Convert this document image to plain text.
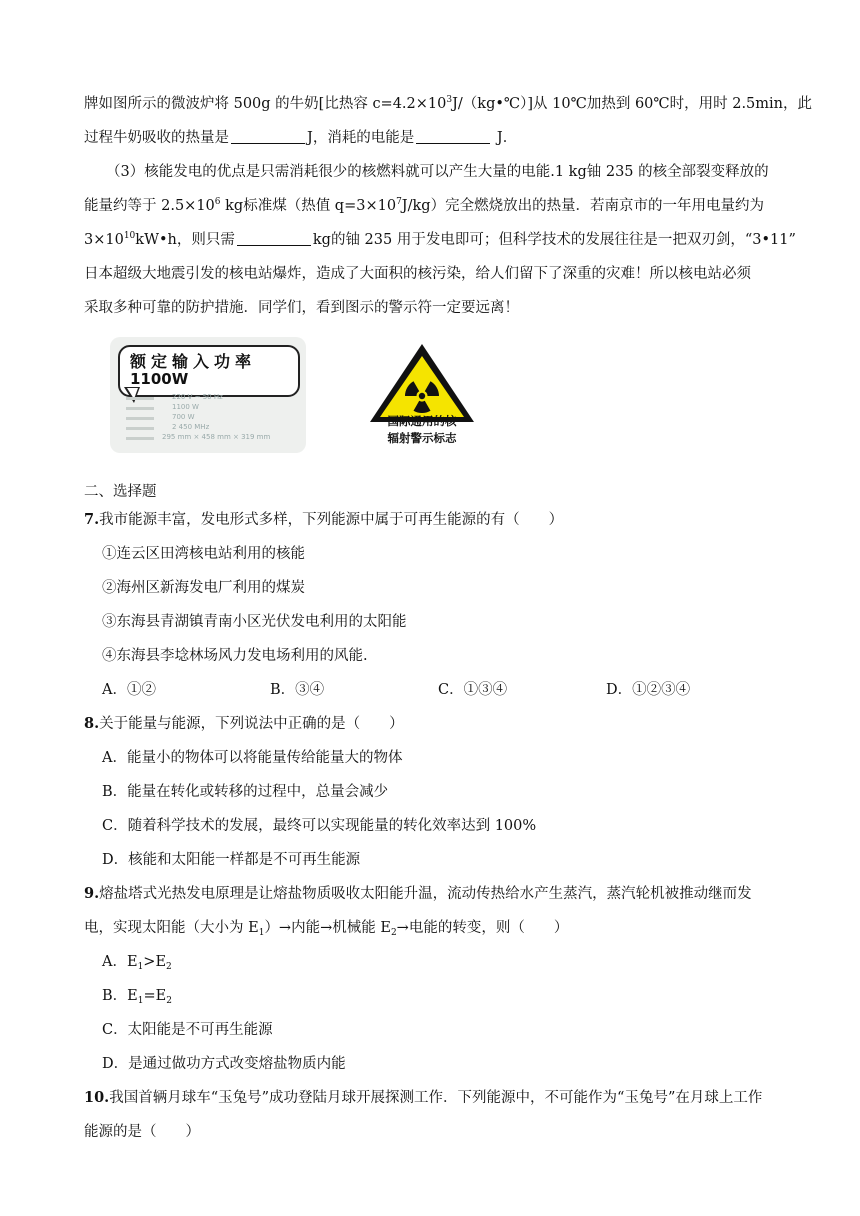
牌如图所示的微波炉将 500g 的牛奶[比热容 $c=4.2\times 10^3J/(kg•℃)$]从 10℃加热到 60℃时，用时 2.5min，此
过程牛奶吸收的热量是	J，消耗的电能是	J．
（3）核能发电的优点是只需消耗很少的核燃料就可以产生大量的电能.1 kg铀 235 的核全部裂变释放的
能量约等于 $2.5\times 10^6$ kg标准煤（热值 $q=3\times 10^7J/kg$）完全燃烧放出的热量．若南京市的一年用电量约为
$3\times 10^{10}kW•h$，则只需	kg的铀 235 用于发电即可；但科学技术的发展往往是一把双刃剑，“3•11”
日本超级大地震引发的核电站爆炸，造成了大面积的核污染，给人们留下了深重的灾难！所以核电站必须
采取多种可靠的防护措施．同学们，看到图示的警示符一定要远离！
额定输入功率
1100W
220 V ~ 50 Hz
1100 W
700 W
2 450 MHz
295 mm × 458 mm × 319 mm
国际通用的核
辐射警示标志
二、选择题
7.我市能源丰富，发电形式多样，下列能源中属于可再生能源的有（　　）
①连云区田湾核电站利用的核能
②海州区新海发电厂利用的煤炭
③东海县青湖镇青南小区光伏发电利用的太阳能
④东海县李埝林场风力发电场利用的风能.
A．①②	B．③④	C．①③④	D．①②③④
8.关于能量与能源，下列说法中正确的是（　　）
A．能量小的物体可以将能量传给能量大的物体
B．能量在转化或转移的过程中，总量会减少
C．随着科学技术的发展，最终可以实现能量的转化效率达到 100%
D．核能和太阳能一样都是不可再生能源
9.熔盐塔式光热发电原理是让熔盐物质吸收太阳能升温，流动传热给水产生蒸汽，蒸汽轮机被推动继而发
电，实现太阳能（大小为 $E_1)\to$内能→机械能 $E_2\to$电能的转变，则（　　）
A．$E_1>E_2$
B．$E_1=E_2$
C．太阳能是不可再生能源
D．是通过做功方式改变熔盐物质内能
10.我国首辆月球车“玉兔号”成功登陆月球开展探测工作．下列能源中，不可能作为“玉兔号”在月球上工作
能源的是（　　）
